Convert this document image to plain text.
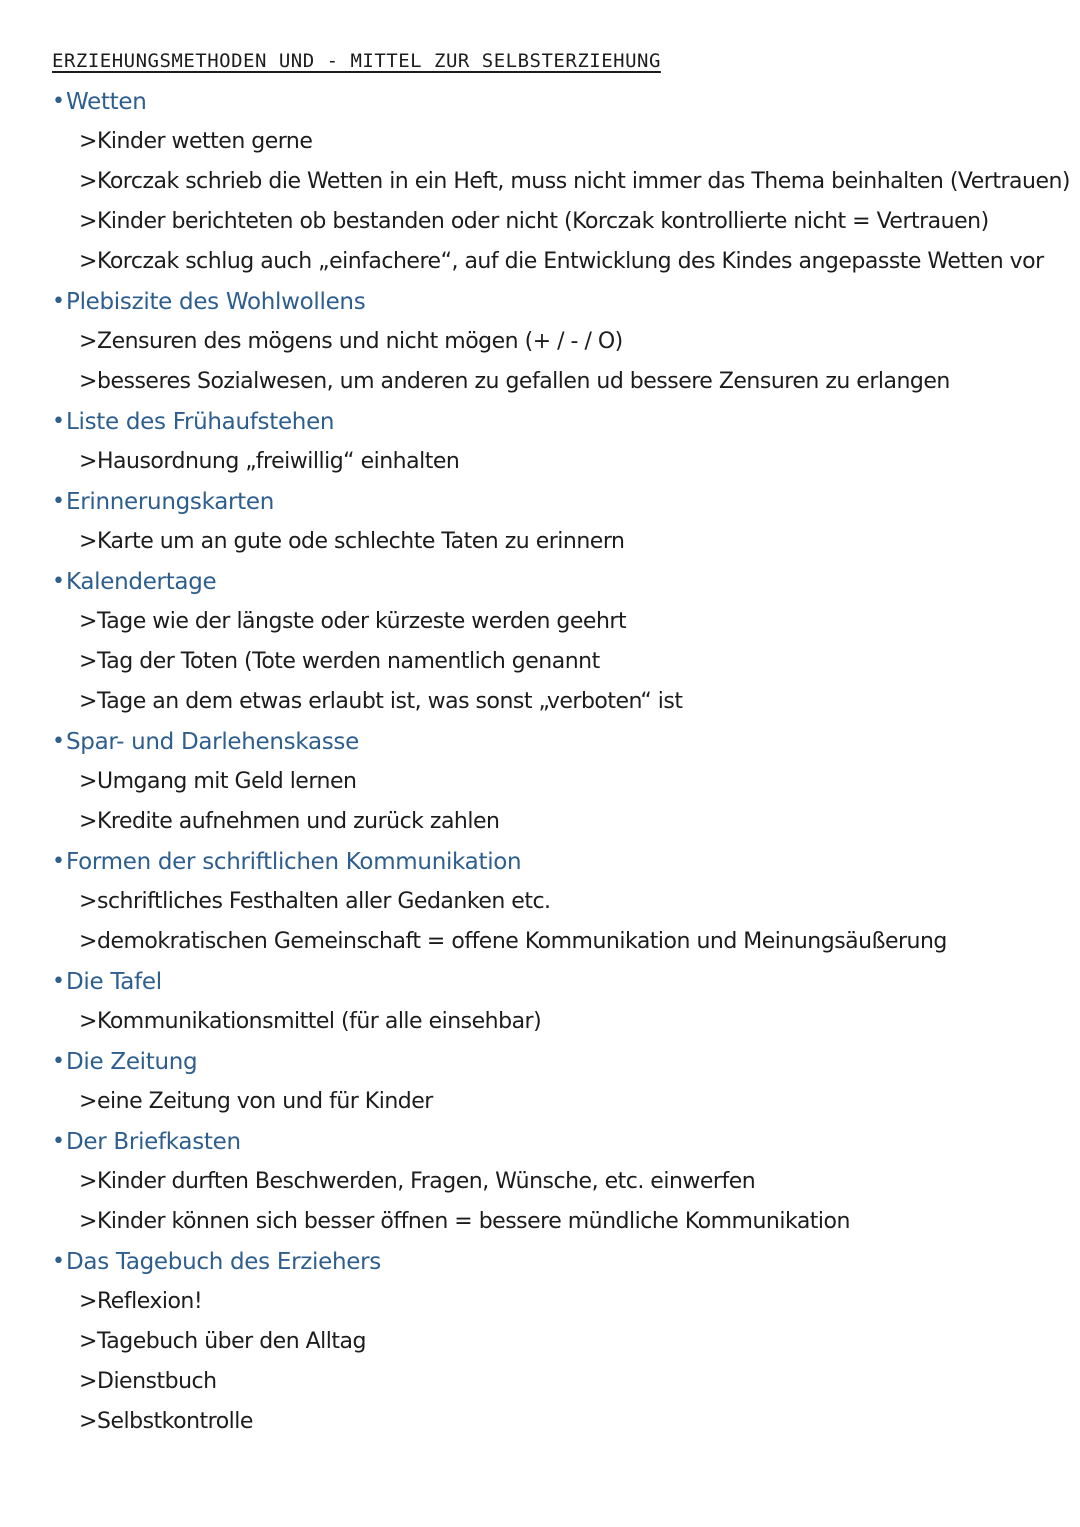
ERZIEHUNGSMETHODEN UND - MITTEL ZUR SELBSTERZIEHUNG
• Wetten
>Kinder wetten gerne
>Korczak schrieb die Wetten in ein Heft, muss nicht immer das Thema beinhalten (Vertrauen)
>Kinder berichteten ob bestanden oder nicht (Korczak kontrollierte nicht = Vertrauen)
>Korczak schlug auch „einfachere“, auf die Entwicklung des Kindes angepasste Wetten vor
• Plebiszite des Wohlwollens
>Zensuren des mögens und nicht mögen (+ / - / O)
>besseres Sozialwesen, um anderen zu gefallen ud bessere Zensuren zu erlangen
• Liste des Frühaufstehen
>Hausordnung „freiwillig“ einhalten
• Erinnerungskarten
>Karte um an gute ode schlechte Taten zu erinnern
• Kalendertage
>Tage wie der längste oder kürzeste werden geehrt
>Tag der Toten (Tote werden namentlich genannt
>Tage an dem etwas erlaubt ist, was sonst „verboten“ ist
• Spar- und Darlehenskasse
>Umgang mit Geld lernen
>Kredite aufnehmen und zurück zahlen
• Formen der schriftlichen Kommunikation
>schriftliches Festhalten aller Gedanken etc.
>demokratischen Gemeinschaft = offene Kommunikation und Meinungsäußerung
• Die Tafel
>Kommunikationsmittel (für alle einsehbar)
• Die Zeitung
>eine Zeitung von und für Kinder
• Der Briefkasten
>Kinder durften Beschwerden, Fragen, Wünsche, etc. einwerfen
>Kinder können sich besser öffnen = bessere mündliche Kommunikation
• Das Tagebuch des Erziehers
>Reflexion!
>Tagebuch über den Alltag
>Dienstbuch
>Selbstkontrolle
